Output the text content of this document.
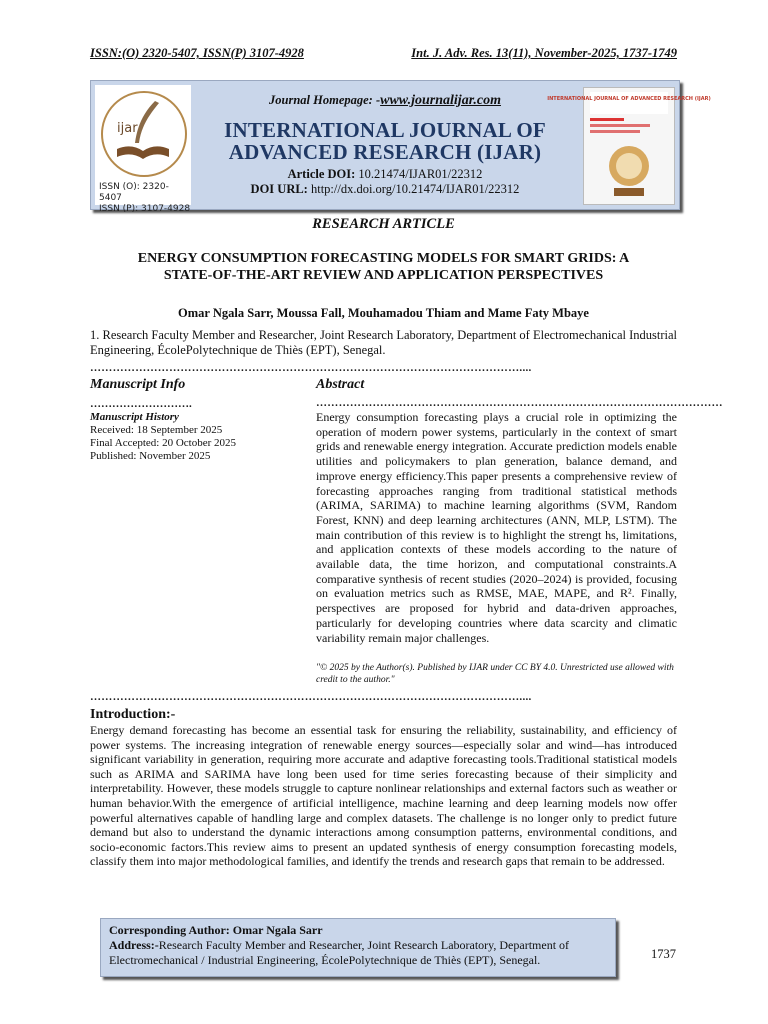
ISSN:(O) 2320-5407, ISSN(P) 3107-4928	Int. J. Adv. Res. 13(11), November-2025, 1737-1749
ijar
ISSN (O): 2320-5407
ISSN (P): 3107-4928
Journal Homepage: -www.journalijar.com
INTERNATIONAL JOURNAL OF
ADVANCED RESEARCH (IJAR)
Article DOI: 10.21474/IJAR01/22312
DOI URL: http://dx.doi.org/10.21474/IJAR01/22312
INTERNATIONAL JOURNAL OF ADVANCED RESEARCH (IJAR)
RESEARCH ARTICLE
ENERGY CONSUMPTION FORECASTING MODELS FOR SMART GRIDS: A
STATE-OF-THE-ART REVIEW AND APPLICATION PERSPECTIVES
Omar Ngala Sarr, Moussa Fall, Mouhamadou Thiam and Mame Faty Mbaye
1. Research Faculty Member and Researcher, Joint Research Laboratory, Department of Electromechanical Industrial Engineering, ÉcolePolytechnique de Thiès (EPT), Senegal.
……………………………………………………………………………………………………....
Manuscript Info
……………………….
Manuscript History
Received: 18 September 2025
Final Accepted: 20 October 2025
Published: November 2025
Abstract
………………………………………………………………………………………………
Energy consumption forecasting plays a crucial role in optimizing the operation of modern power systems, particularly in the context of smart grids and renewable energy integration. Accurate prediction models enable utilities and policymakers to plan generation, balance demand, and improve energy efficiency.This paper presents a comprehensive review of forecasting approaches ranging from traditional statistical methods (ARIMA, SARIMA) to machine learning algorithms (SVM, Random Forest, KNN) and deep learning architectures (ANN, MLP, LSTM). The main contribution of this review is to highlight the strengt hs, limitations, and application contexts of these models according to the nature of available data, the time horizon, and computational constraints.A comparative synthesis of recent studies (2020–2024) is provided, focusing on evaluation metrics such as RMSE, MAE, MAPE, and R². Finally, perspectives are proposed for hybrid and data-driven approaches, particularly for developing countries where data scarcity and climatic variability remain major challenges.
"© 2025 by the Author(s). Published by IJAR under CC BY 4.0. Unrestricted use allowed with credit to the author."
……………………………………………………………………………………………………....
Introduction:-
Energy demand forecasting has become an essential task for ensuring the reliability, sustainability, and efficiency of power systems. The increasing integration of renewable energy sources—especially solar and wind—has introduced significant variability in generation, requiring more accurate and adaptive forecasting tools.Traditional statistical models such as ARIMA and SARIMA have long been used for time series forecasting because of their simplicity and interpretability. However, these models struggle to capture nonlinear relationships and external factors such as weather or human behavior.With the emergence of artificial intelligence, machine learning and deep learning models now offer powerful alternatives capable of handling large and complex datasets. The challenge is no longer only to predict future demand but also to understand the dynamic interactions among consumption patterns, environmental conditions, and socio-economic factors.This review aims to present an updated synthesis of energy consumption forecasting models, classify them into major methodological families, and identify the trends and research gaps that remain to be addressed.
Corresponding Author: Omar Ngala Sarr
Address:-Research Faculty Member and Researcher, Joint Research Laboratory, Department of Electromechanical / Industrial Engineering, ÉcolePolytechnique de Thiès (EPT), Senegal.	1737
